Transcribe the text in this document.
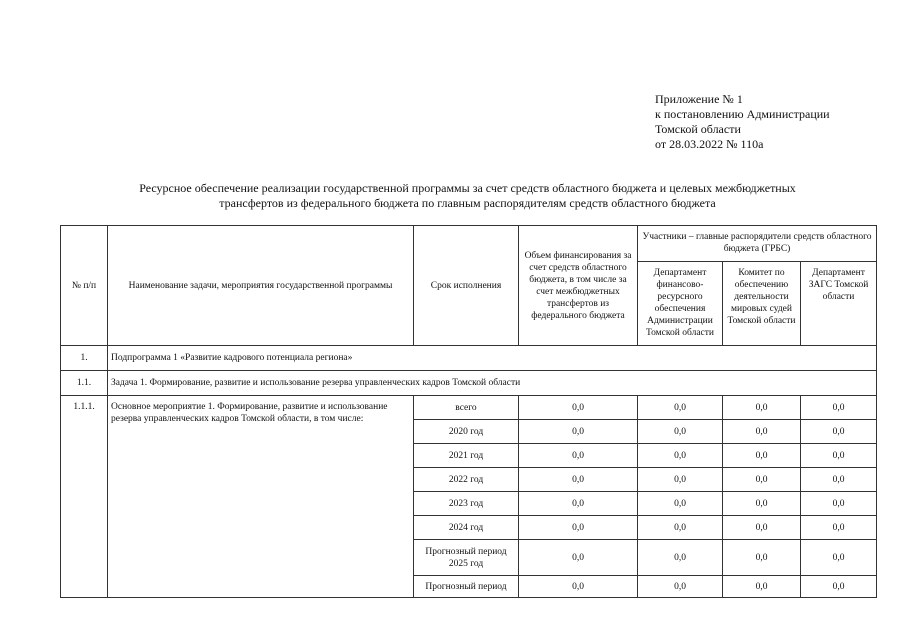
Приложение № 1
к постановлению Администрации
Томской области
от 28.03.2022 № 110а
Ресурсное обеспечение реализации государственной программы за счет средств областного бюджета и целевых межбюджетных
трансфертов из федерального бюджета по главным распорядителям средств областного бюджета
№ п/п	Наименование задачи, мероприятия государственной программы	Срок исполнения	Объем финансирования за счет средств областного бюджета, в том числе за счет межбюджетных трансфертов из федерального бюджета	Участники – главные распорядители средств областного бюджета (ГРБС)		
				Департамент финансово-ресурсного обеспечения Администрации Томской области	Комитет по обеспечению деятельности мировых судей Томской области	Департамент ЗАГС Томской области
1.	Подпрограмма 1 «Развитие кадрового потенциала региона»					
1.1.	Задача 1. Формирование, развитие и использование резерва управленческих кадров Томской области					
1.1.1.	Основное мероприятие 1. Формирование, развитие и использование резерва управленческих кадров Томской области, в том числе:	всего	0,0	0,0	0,0	0,0
		2020 год	0,0	0,0	0,0	0,0
		2021 год	0,0	0,0	0,0	0,0
		2022 год	0,0	0,0	0,0	0,0
		2023 год	0,0	0,0	0,0	0,0
		2024 год	0,0	0,0	0,0	0,0
		Прогнозный период 2025 год	0,0	0,0	0,0	0,0
		Прогнозный период	0,0	0,0	0,0	0,0
